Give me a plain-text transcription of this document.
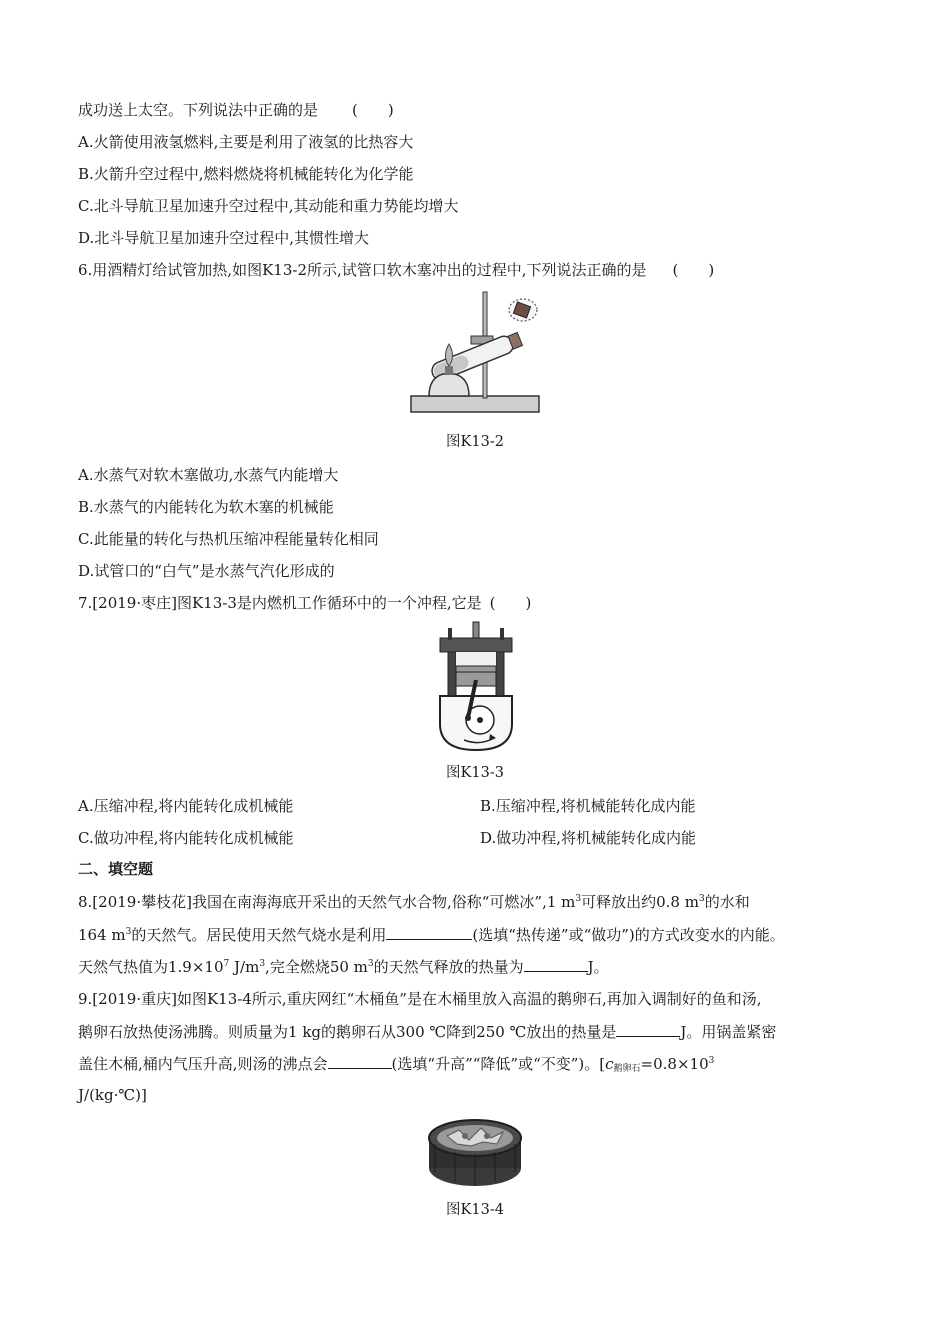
成功送上太空。下列说法中正确的是 (　　)
A.火箭使用液氢燃料,主要是利用了液氢的比热容大
B.火箭升空过程中,燃料燃烧将机械能转化为化学能
C.北斗导航卫星加速升空过程中,其动能和重力势能均增大
D.北斗导航卫星加速升空过程中,其惯性增大
6.用酒精灯给试管加热,如图K13-2所示,试管口软木塞冲出的过程中,下列说法正确的是 (　　)
图K13-2
A.水蒸气对软木塞做功,水蒸气内能增大
B.水蒸气的内能转化为软木塞的机械能
C.此能量的转化与热机压缩冲程能量转化相同
D.试管口的“白气”是水蒸气汽化形成的
7.[2019·枣庄]图K13-3是内燃机工作循环中的一个冲程,它是 (　　)
图K13-3
A.压缩冲程,将内能转化成机械能	B.压缩冲程,将机械能转化成内能
C.做功冲程,将内能转化成机械能	D.做功冲程,将机械能转化成内能
二、填空题
8.[2019·攀枝花]我国在南海海底开采出的天然气水合物,俗称“可燃冰”,1 $m^3$可释放出约0.8 $m^3$的水和
164 $m^3$的天然气。居民使用天然气烧水是利用	(选填“热传递”或“做功”)的方式改变水的内能。
天然气热值为$1.9\times 10^7$ $J/m^3$,完全燃烧50 $m^3$的天然气释放的热量为	J。
9.[2019·重庆]如图K13-4所示,重庆网红“木桶鱼”是在木桶里放入高温的鹅卵石,再加入调制好的鱼和汤,
鹅卵石放热使汤沸腾。则质量为1 kg的鹅卵石从300 ℃降到250 ℃放出的热量是	J。用锅盖紧密
盖住木桶,桶内气压升高,则汤的沸点会	(选填“升高”“降低”或“不变”)。[$c_{鹅卵石}=0.8\times 10^3$
J/(kg·℃)]
图K13-4
